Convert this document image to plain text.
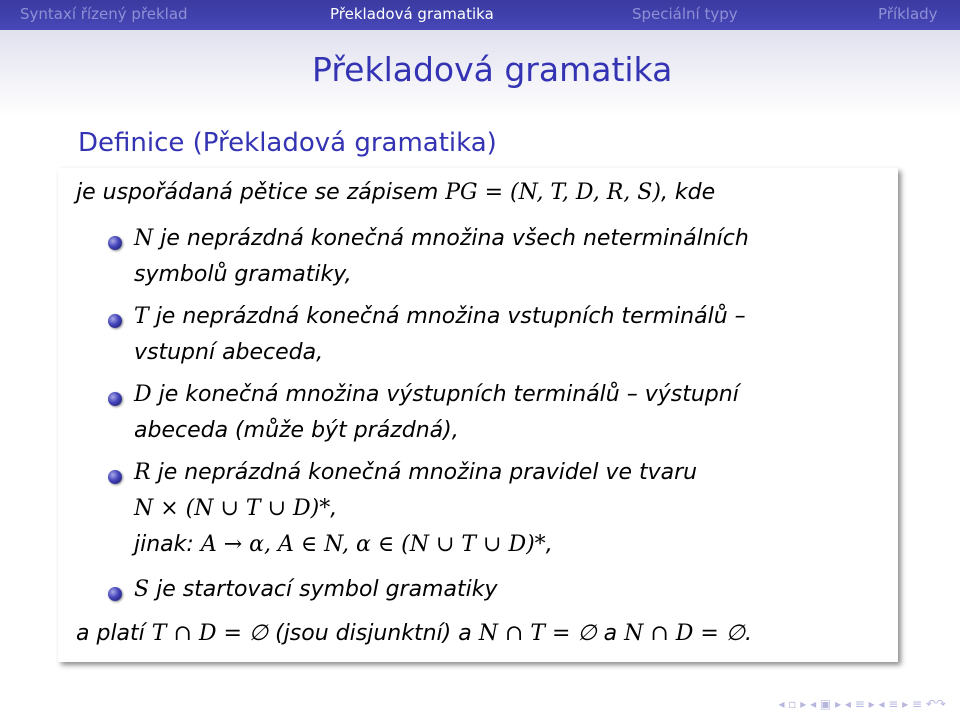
Syntaxí řízený překlad	Překladová gramatika	Speciální typy	Příklady
Překladová gramatika
Definice (Překladová gramatika)
je uspořádaná pětice se zápisem PG = (N, T, D, R, S), kde
N je neprázdná konečná množina všech neterminálních
symbolů gramatiky,
T je neprázdná konečná množina vstupních terminálů –
vstupní abeceda,
D je konečná množina výstupních terminálů – výstupní
abeceda (může být prázdná),
R je neprázdná konečná množina pravidel ve tvaru
N × (N ∪ T ∪ D)*,
jinak: A → α, A ∈ N, α ∈ (N ∪ T ∪ D)*,
S je startovací symbol gramatiky
a platí T ∩ D = ∅ (jsou disjunktní) a N ∩ T = ∅ a N ∩ D = ∅.
◂ ▫ ▸ ◂ ▣ ▸ ◂ ≡ ▸ ◂ ≡ ▸ ≡ ↶↷
